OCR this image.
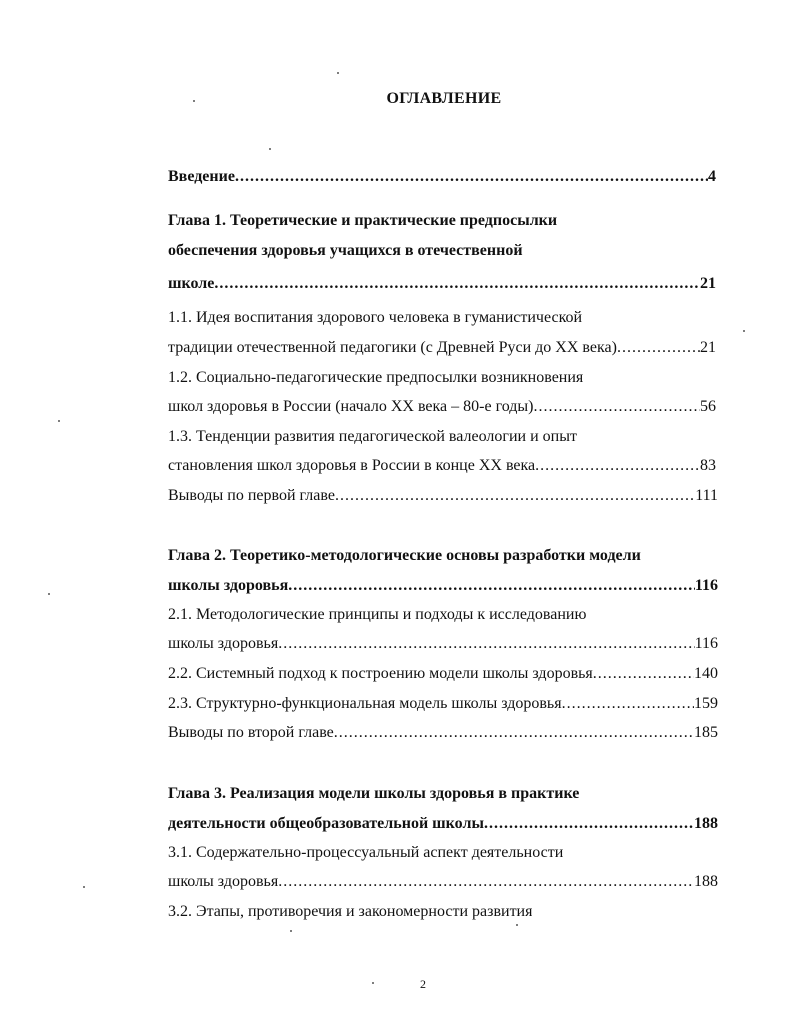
ОГЛАВЛЕНИЕ
Введение .....	4
Глава 1. Теоретические и практические предпосылки
обеспечения здоровья учащихся в отечественной
школе .....	21
1.1. Идея воспитания здорового человека в гуманистической
традиции отечественной педагогики (с Древней Руси до XX века) .....	21
1.2. Социально-педагогические предпосылки возникновения
школ здоровья в России (начало XX века – 80-е годы) .....	56
1.3. Тенденции развития педагогической валеологии и опыт
становления школ здоровья в России в конце XX века .....	83
Выводы по первой главе .....	111
Глава 2. Теоретико-методологические основы разработки модели
школы здоровья .....	116
2.1. Методологические принципы и подходы к исследованию
школы здоровья .....	116
2.2. Системный подход к построению модели школы здоровья .....	140
2.3. Структурно-функциональная модель школы здоровья .....	159
Выводы по второй главе .....	185
Глава 3. Реализация модели школы здоровья в практике
деятельности общеобразовательной школы .....	188
3.1. Содержательно-процессуальный аспект деятельности
школы здоровья .....	188
3.2. Этапы, противоречия и закономерности развития
2
